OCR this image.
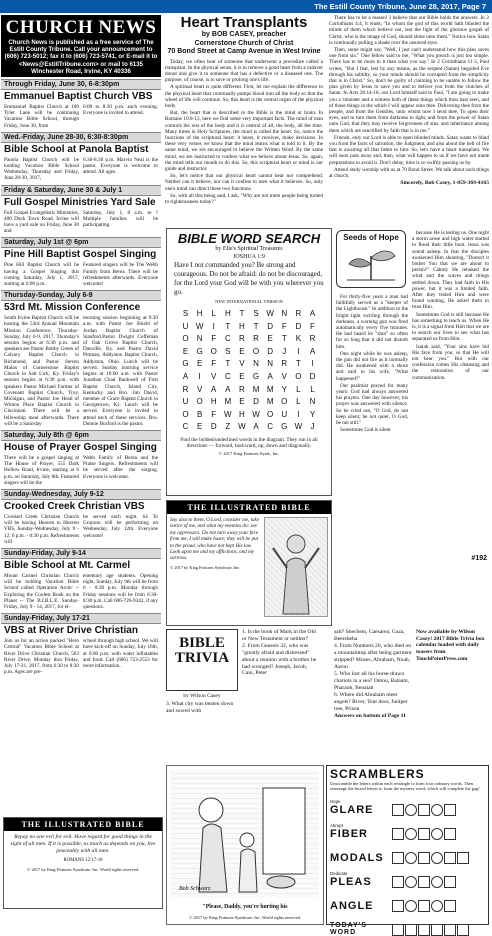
The Estill County Tribune, June 28, 2017, Page 7
CHURCH NEWS
Church News is published as a free service of The Estill County Tribune. Call your announcement to (606) 723-5012; fax it to (606) 723-5741, or E-mail it to <News@EstillTribune.com> or mail to 6135 Winchester Road, Irvine, KY 40336
Through Friday, June 30, 6-8:30pm
Emmanuel Baptist Church VBS
Emmanuel Baptist Church at 106 Tyler Lane will be continuing Vacation Bible School, through Friday, June 30, from
6:00 to 8:30 p.m. each evening. Everyone is invited to attend.
Wed.-Friday, June 28-30, 6:30-8:30pm
Bible School at Panola Baptist
Panola Baptist Church will be holding Vacation Bible School Wednesday, Thursday and Friday, June 28-30, 2017,
6:30-8:30 p.m. Marvin Neal is the pastor. Everyone is welcome to attend. All ages.
Friday & Saturday, June 30 & July 1
Full Gospel Ministries Yard Sale
Full Gospel Evangelistic Ministries, 400 Duck Town Road, Irvine will have a yard sale on Friday, June 30 and
Saturday, July 1, 8 a.m. to ? Multiple families will be participating.
Saturday, July 1st @ 6pm
Pine Hill Baptist Gospel Singing
Pine Hill Baptist Church will be having a Gospel Singing this coming Saturday, July 1, 2017, starting at 6:00 p.m.
Featured singers will be The Webb Family from Berea. There will be refreshments afterwards. Everyone welcome!
Thursday-Sunday, July 6-9
53rd Mt. Mission Conference
South Irvine Baptist Church will be hosting the 53rd Annual Mountain Mission Conference, Thursday-Sunday, July 6-9, 2017. Thursday's session begins at 6:30 p.m. and speakers are Pastor Bobby Green of Calvary Baptist Church in Richmond, and Pastor Steven Mains of Cornerstone Baptist Church in Salt Lick, Ky. Friday's session begins at 6:30 p.m. with speakers Pastor Michael Farmer of Covenant Baptist Church, Troy, Michigan, and Pastor Joe Head of Winton Place Baptist Church in Cincinnati. There will be a fellowship meal afterwards. There will be a Saturday
morning session beginning at 9:30 a.m. with Pastor Joe Shield of Jordan Baptist Church of Stanford.Pastor Dwight Coffeman of Oak Grove Baptist Church, Danville, Ky. and Pastor David Pittman, Addyston Baptist Church, Addyston, Ohio. Lunch will be served. Sunday morning service begins at 10:00 a.m. with Pastor Jonathan Chad Bankwell of First Baptist Church, Island City, Kentucky and Bro. Jim David, member of Grace Baptist Church in Georgetown, Ky. Lunch will be served. Everyone is invited to attend each of these services. Bro. Donnie Burford is the pastor.
Saturday, July 8th @ 6pm
House of Prayer Gospel Singing
There will be a gospel singing at The House of Prayer, 555 Dark Hollow Road, Irvine, starting at 6 p.m. on Saturday, July 8th. Featured singers will be the
Webb Family of Berea and the Praise Singers. Refreshments will be served after the singing. Everyone is welcome.
Sunday-Wednesday, July 9-12
Crooked Creek Christian VBS
Crooked Creek Christian Church will be having Heaven to Heaven VBS, Sunday-Wednesday, July 9 - 12, 6 p.m. - 8:30 p.m. Refreshments will
be served each night. 64 To Grayson will be performing on Wednesday, July 12th. Everyone welcome!
Sunday-Friday, July 9-14
Bible School at Mt. Carmel
Mount Carmel Christian Church will be holding Vacation Bible School called Operation Arctic -- Exploring the Coolest Book on the Planet -- The B.I.B.L.E. Sunday-Friday, July 9 - 14, 2017, for el-
ementary age students. Opening night, Sunday, July 9th will be from 6 - 8:30 p.m. Monday through Friday sessions will be from 6:30-8:30 p.m. Call 606-726-9342, if any questions.
Sunday-Friday, July 17-21
VBS at River Drive Christian
Join us for an action packed "Hero Central" Vacation Bible School at River Drive Christian Church, 563 River Drive, Monday thru Friday, July 17-21, 2017, from 6:30 to 8:30 p.m. Ages are pre-
school through high school. We will have kick-off on Sunday, July 16th, at 6:00 p.m. with water inflatables and food. Call (606) 723-2553 for more information.
Heart Transplants
by BOB CASEY, preacher
Cornerstone Church of Christ
70 Bond Street at Camp Avenue in West Irvine

Today, we often hear of someone that underwent a procedure called a transplant. In the physical sense, it is to remove a good heart from a cadaver donor and give it to someone that has a defective or a diseased one. The purpose, of course, is to save or prolong one's life.

A spiritual heart is quite different. First, let me explain the difference in the physical heart that continually pumps blood into all the body so that the wheel of life will continue. So, this heart is the central organ of the physical body.

But, the heart that is described in the Bible is the mind or brain. In Romans 10:8-12, here we find some very important facts. The mind of man controls the rest of the body and it is central of all, the body, all the time. Many times in Holy Scriptures, the mind is called the heart. So, notice the functions of the scriptural heart: it hears, it receives, make decisions. In these very verses we know that the mind learns what is told to it. By the same mind, we are encouraged to believe the Written Word. By the same mind, we are instructed to confess what we believe about Jesus. So, again, the mind tells our mouth to do this. So, this scriptural heart or mind is our guide and instructor.

So, let's notice that our physical heart cannot hear nor comprehend. Neither can it believe, nor can it confess to men what it believes. So, only one's mind can direct these two functions.

So, with all this being said, I ask, "Why are not more people being turned to righteousness today?"

There has to be a reason! I believe that our Bible holds the answers. In 2 Corinthians 4:4, it reads, "In whom the god of this world hath blinded the minds of them which believe not, lest the light of the glorious gospel of Christ, who is the image of God, should shine unto them." Notice how Satan is continually pulling a shade over the unsaved eyes.

Then, some might say, "Well, I just can't understand how this plan saves one from sin." One fellow said to me, "What you preach is just too simple. There has to be more to it than what you say." In 2 Corinthians 11:3, Paul writes, "But I fear, lest by any means, as the serpent (Satan) beguiled Eve through his subtilty, so your minds should be corrupted from the simplicity that is in Christ." So, don't be guilty of claiming to be unable to follow the plan given by Jesus to save you and to deliver you from the clutches of Satan. In Acts 26:14-18, our Lord himself said to Paul, "I am going to make you a 'minister and a witness both of these things which thou hast seen, and of those things in the which I will appear unto thee. Delivering thee from the people, and from the Gentiles, unto whom now I send thee, To open their eyes, and to turn them from darkness to light, and from the power of Satan unto God, that they may receive forgiveness of sins, and inheritance among them which are sanctified by faith that is in me."

Friends, only our Lord is able to open blinded minds. Satan wants to blind you from the facts of salvation, the Judgment, and also about the hell of fire that is awaiting all that listen to him. So, let's have a heart transplant. We will soon pass away and, then, what will happen to us if we have not made preparations to avoid it. Don't delay, time is so swiftly passing us by.

Attend study worship with us at 70 Bond Street. We talk about such things at church.

Sincerely, Bob Casey, 1-859-369-4165
BIBLE WORD SEARCH
by Elie's Spiritual Treasures
JOSHUA 1:9
Have I not commanded you? Be strong and courageous. Do not be afraid; do not be discouraged, for the Lord your God will be with you wherever you go.
NEW INTERNATIONAL VERSION
S	H	L	H	T	S W N	R	A
U W	I	T	H	T	D	F	D	F
O	N	F	C	R	R	E	T	K	R
E	G O	S	E	O	D	J	I	A
G	E	F	T	V	N	N	R	T	I
A	I	V	C	E	G	A	V	O	D
R	V	A	A	R M M	Y	L	L
U	O	H M	E	D M O	L	N
O	B	F W H W O	U	I	Y
C	E	D	Z W A	C	G W	J
Find the bolded/underlined words in the diagram. They run in all directions — forward, backward, up, down and diagonally.
© 2017 King Features Synd., Inc.
Seeds of Hope

For thirty-five years a man had faithfully served as a "keeper of the Lighthouse." In addition to the bright light swirling through the darkness, a warning gun was fired automatically every five minutes. He had heard its "shot" so often for so long that it did not disturb him.

One night while he was asleep, the gun did not fire as it normally did. He awakened with a shout and said to his wife, "What happened?"

Our psalmist prayed for many years: God had always answered his prayers. One day however, his prayer was answered with silence. So he cried out, "O God, do not keep silent; be not quiet, O God, be not still."

Sometimes God is silent

because He is testing us. One night a storm arose and high water started to flood their little boat. Jesus was sound asleep. In fear the disciples awakened Him shouting, "Doesn't it bother You that we are about to perish?" Calmly He rebuked the wind and the waves and things settled down. They had faith in His power, but it was a limited faith. After they tested Him and were found wanting, He asked them to trust Him.

Sometimes God is still because He has something to teach us. When He is, it is a signal from Him that we are to search our lives to see what has separated us from Him.

Isaiah said, "Your sins have hid His face from you, so that He will not hear you." But with our confession comes His cleansing and the restoration of our communication.

#192
THE ILLUSTRATED BIBLE
Say also to them, O Lord, consider me, take notice of me, and what my enemies do: see my oppressors. Do not turn away your face from me, I will make haste; they will be put to the proud, who have not kept His law. Look upon me and my afflictions, and my sorrows.
© 2017 by King Features Syndicate, Inc.
BIBLE
TRIVIA
by Wilson Casey

1. Is the book of Mark in the Old or New Testament or neither?

2. From Genesis 32, who was "greatly afraid and distressed" about a reunion with a brother he had wronged? Joseph, Jacob, Cain, Peter

3. What city was beaten down and sowed with

salt? Shechem, Caesarea, Gaza, Beersheba

4. From Numbers 20, who died on a mountaintop after being garment stripped? Moses, Abraham, Noah, Aaron

5. Who lost all his horse-drawn chariots in a sea? Omnu, Balaam, Pharaoh, Benaiah

6. Where did Abraham meet angels? River, Tent door, Juniper tree, Prison

Answers on bottom of Page 11

Now available by Wilson Casey! 2017 Bible Trivia box calendar loaded with daily teasers from TouchPointPress.com

THE ILLUSTRATED BIBLE
Repay no one evil for evil. Have regard for good things in the sight of all men. If it is possible, as much as depends on you, live peaceably with all men.
ROMANS 12:17-18
© 2017 by King Features Syndicate, Inc. World rights reserved.
Bob Schwarz
"Please, Daddy, you're hurting his
© 2017 by King Features Syndicate, Inc. World rights reserved.
SCRAMBLERS
Unscramble the letters within each rectangle to form four ordinary words. Then rearrange the boxed letters to form the mystery word, which will complete the gag!
Hope
GLARE
Abrupt
FIBER
MODALS
Dedicate
PLEAS
ANGLE
TODAY'S WORD
